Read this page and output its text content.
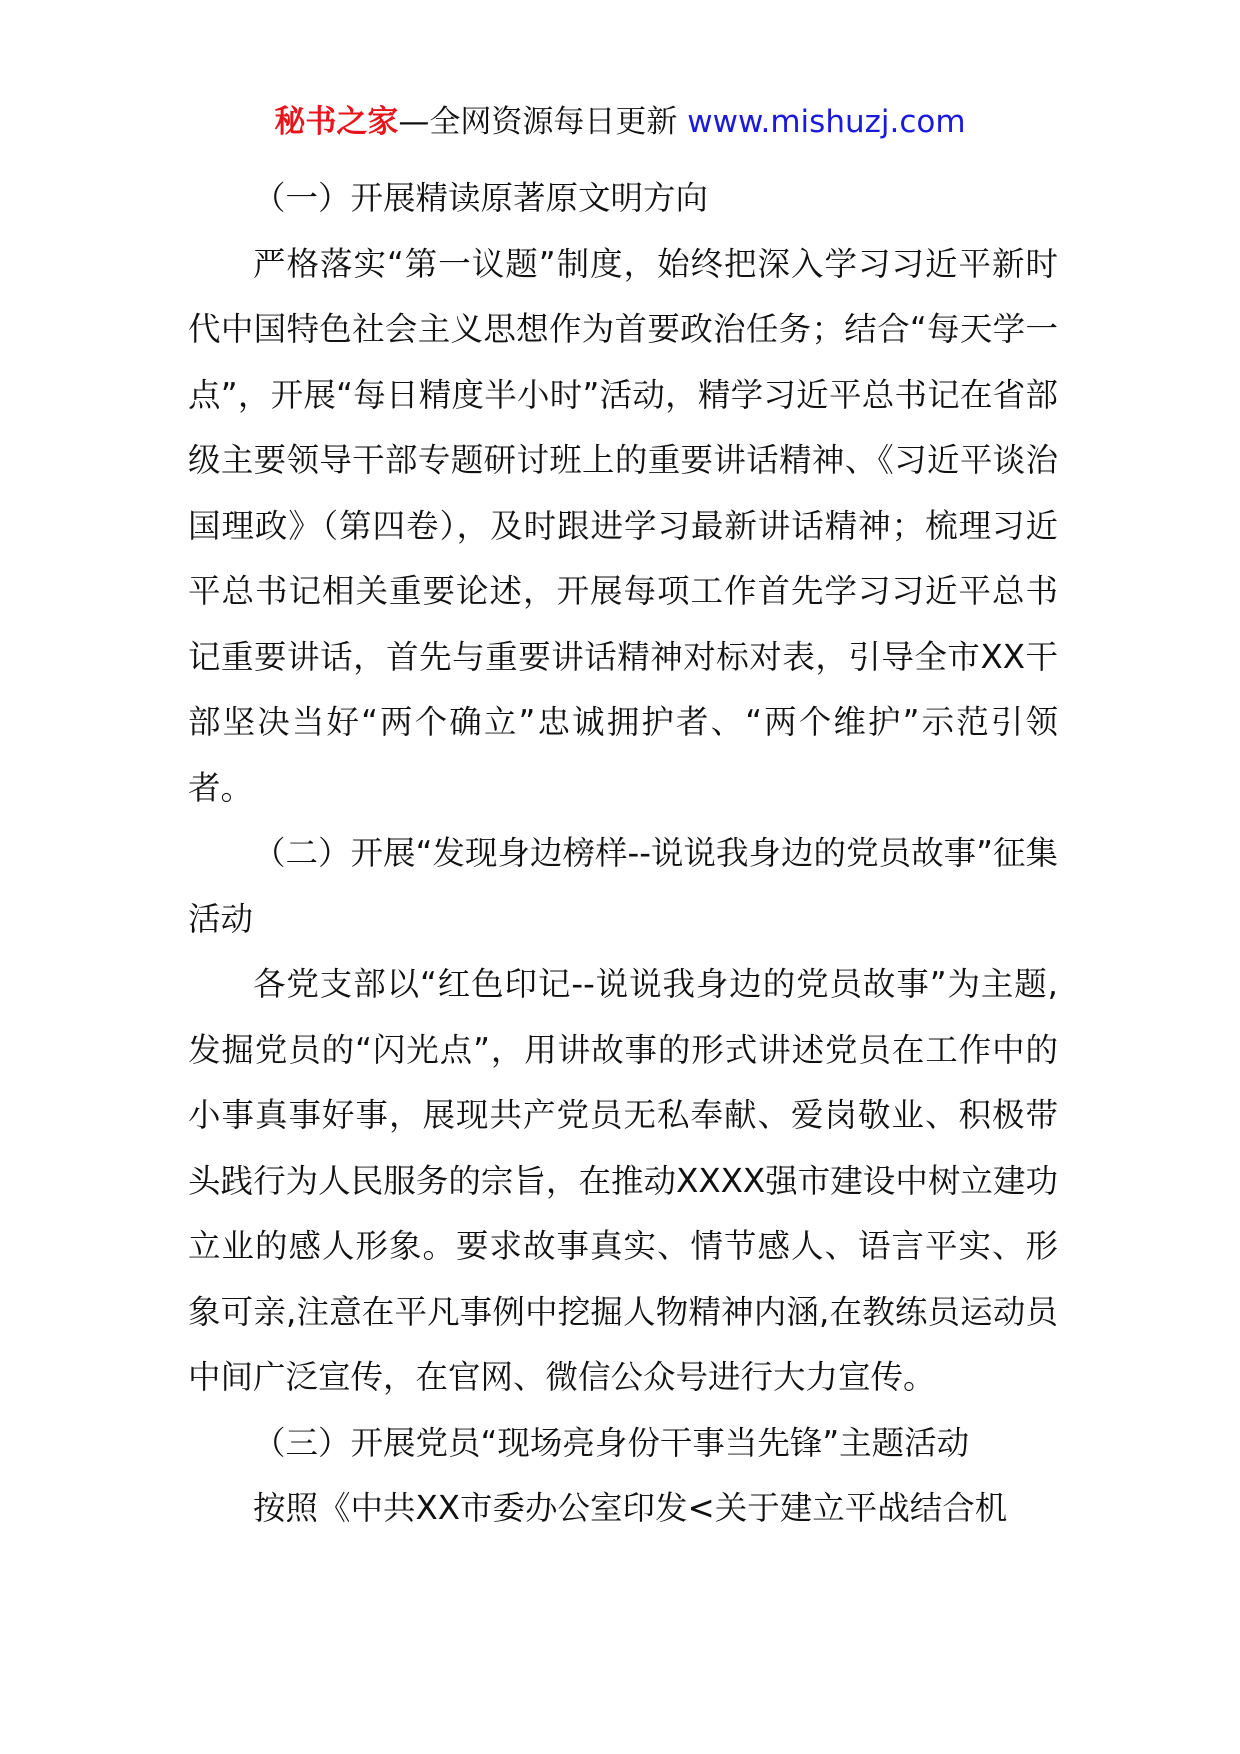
秘书之家—全网资源每日更新 www.mishuzj.com

（一）开展精读原著原文明方向

严格落实“第一议题”制度，始终把深入学习习近平新时代中国特色社会主义思想作为首要政治任务；结合“每天学一点”，开展“每日精度半小时”活动，精学习近平总书记在省部级主要领导干部专题研讨班上的重要讲话精神、《习近平谈治国理政》（第四卷），及时跟进学习最新讲话精神；梳理习近平总书记相关重要论述，开展每项工作首先学习习近平总书记重要讲话，首先与重要讲话精神对标对表，引导全市XX干部坚决当好“两个确立”忠诚拥护者、“两个维护”示范引领者。

（二）开展“发现身边榜样--说说我身边的党员故事”征集活动

各党支部以“红色印记--说说我身边的党员故事”为主题,发掘党员的“闪光点”，用讲故事的形式讲述党员在工作中的小事真事好事，展现共产党员无私奉献、爱岗敬业、积极带头践行为人民服务的宗旨，在推动XXXX强市建设中树立建功立业的感人形象。要求故事真实、情节感人、语言平实、形象可亲,注意在平凡事例中挖掘人物精神内涵,在教练员运动员中间广泛宣传，在官网、微信公众号进行大力宣传。

（三）开展党员“现场亮身份干事当先锋”主题活动

按照《中共XX市委办公室印发<关于建立平战结合机
